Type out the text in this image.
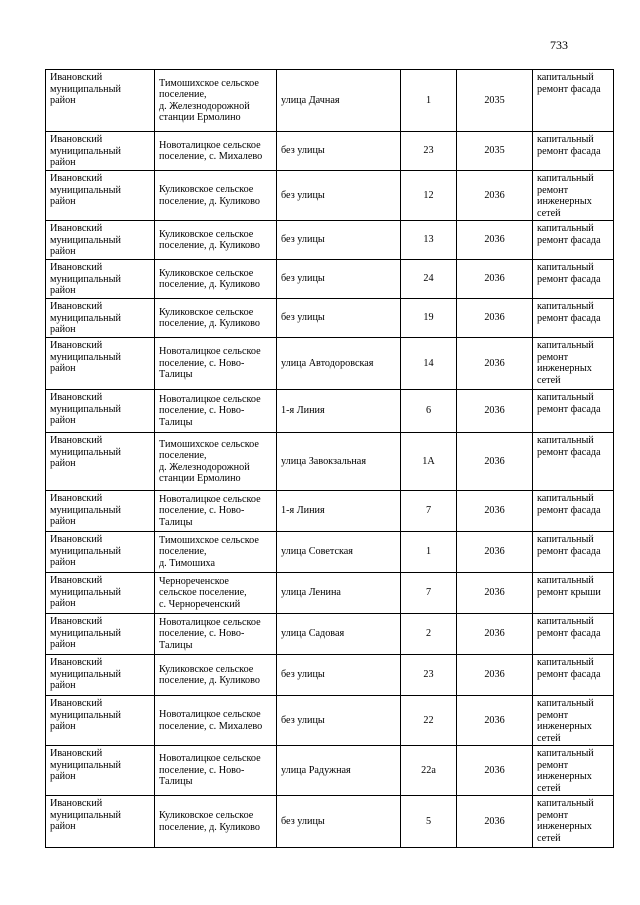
733
Ивановский
муниципальный
район	Тимошихское сельское
поселение,
д. Железнодорожной
станции Ермолино	улица Дачная	1	2035	капитальный
ремонт фасада

Ивановский
муниципальный
район	Новоталицкое сельское
поселение, с. Михалево	без улицы	23	2035	капитальный
ремонт фасада

Ивановский
муниципальный
район	Куликовское сельское
поселение, д. Куликово	без улицы	12	2036	капитальный
ремонт
инженерных
сетей

Ивановский
муниципальный
район	Куликовское сельское
поселение, д. Куликово	без улицы	13	2036	капитальный
ремонт фасада

Ивановский
муниципальный
район	Куликовское сельское
поселение, д. Куликово	без улицы	24	2036	капитальный
ремонт фасада

Ивановский
муниципальный
район	Куликовское сельское
поселение, д. Куликово	без улицы	19	2036	капитальный
ремонт фасада

Ивановский
муниципальный
район	Новоталицкое сельское
поселение, с. Ново-
Талицы	улица Автодоровская	14	2036	капитальный
ремонт
инженерных
сетей

Ивановский
муниципальный
район	Новоталицкое сельское
поселение, с. Ново-
Талицы	1-я Линия	6	2036	капитальный
ремонт фасада

Ивановский
муниципальный
район	Тимошихское сельское
поселение,
д. Железнодорожной
станции Ермолино	улица Завокзальная	1А	2036	капитальный
ремонт фасада

Ивановский
муниципальный
район	Новоталицкое сельское
поселение, с. Ново-
Талицы	1-я Линия	7	2036	капитальный
ремонт фасада

Ивановский
муниципальный
район	Тимошихское сельское
поселение,
д. Тимошиха	улица Советская	1	2036	капитальный
ремонт фасада

Ивановский
муниципальный
район	Чернореченское
сельское поселение,
с. Чернореченский	улица Ленина	7	2036	капитальный
ремонт крыши

Ивановский
муниципальный
район	Новоталицкое сельское
поселение, с. Ново-
Талицы	улица Садовая	2	2036	капитальный
ремонт фасада

Ивановский
муниципальный
район	Куликовское сельское
поселение, д. Куликово	без улицы	23	2036	капитальный
ремонт фасада

Ивановский
муниципальный
район	Новоталицкое сельское
поселение, с. Михалево	без улицы	22	2036	капитальный
ремонт
инженерных
сетей

Ивановский
муниципальный
район	Новоталицкое сельское
поселение, с. Ново-
Талицы	улица Радужная	22а	2036	капитальный
ремонт
инженерных
сетей

Ивановский
муниципальный
район	Куликовское сельское
поселение, д. Куликово	без улицы	5	2036	капитальный
ремонт
инженерных
сетей
